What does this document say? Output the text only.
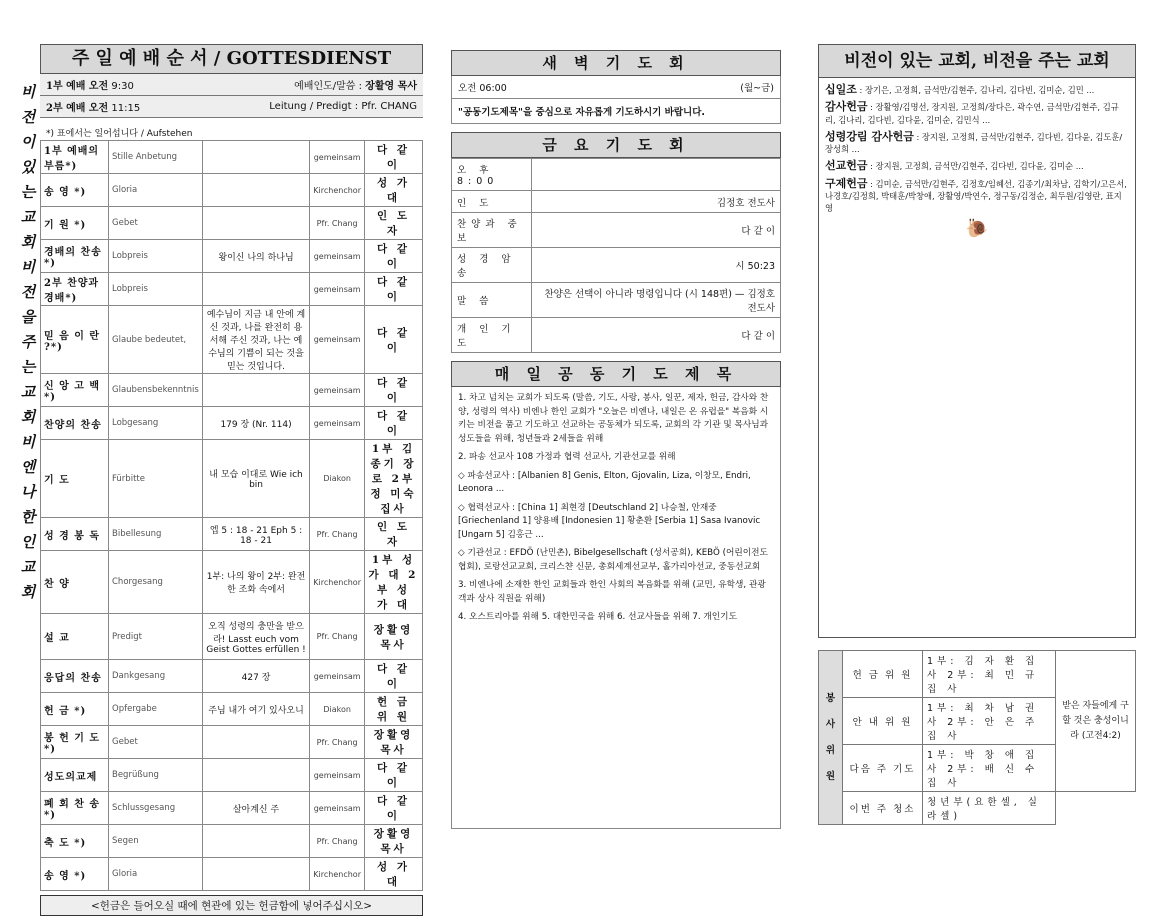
비
전
이
있
는
교
회
비
전
을
주
는
교
회
비
엔
나
한
인
교
회
주 일 예 배 순 서 / GOTTESDIENST
1부 예배 오전 9:30	예배인도/말씀 : 장활영 목사
2부 예배 오전 11:15	Leitung / Predigt : Pfr. CHANG
*) 표에서는 일어섭니다 / Aufstehen
1부 예배의부름*)	Stille Anbetung		gemeinsam	다 같 이
송 영 *)	Gloria		Kirchenchor	성 가 대
기 원 *)	Gebet		Pfr. Chang	인 도 자
경배의 찬송 *)	Lobpreis	왕이신 나의 하나님	gemeinsam	다 같 이
2부 찬양과경배*)	Lobpreis		gemeinsam	다 같 이
믿 음 이 란 ?*)	Glaube bedeutet,	예수님이 지금 내 안에 계신 것과, 나를 완전히 용서해 주신 것과, 나는 예수님의 기쁨이 되는 것을 믿는 것입니다.	gemeinsam	다 같 이
신 앙 고 백 *)	Glaubensbekenntnis		gemeinsam	다 같 이
찬양의 찬송	Lobgesang	179 장 (Nr. 114)	gemeinsam	다 같 이
기 도	Fürbitte	내 모습 이대로 Wie ich bin	Diakon	1부 김 종기 장로 2부 정 미숙 집사
성 경 봉 독	Bibellesung	엡 5 : 18 - 21 Eph 5 : 18 - 21	Pfr. Chang	인 도 자
찬 양	Chorgesang	1부: 나의 왕이 2부: 완전한 조화 속에서	Kirchenchor	1부 성 가 대 2부 성 가 대
설 교	Predigt	오직 성령의 충만을 받으라! Lasst euch vom Geist Gottes erfüllen !	Pfr. Chang	장활영목사
응답의 찬송	Dankgesang	427 장	gemeinsam	다 같 이
헌 금 *)	Opfergabe	주님 내가 여기 있사오니	Diakon	헌 금 위 원
봉 헌 기 도 *)	Gebet		Pfr. Chang	장활영목사
성도의교제	Begrüßung		gemeinsam	다 같 이
폐 회 찬 송 *)	Schlussgesang	살아계신 주	gemeinsam	다 같 이
축 도 *)	Segen		Pfr. Chang	장활영목사
송 영 *)	Gloria		Kirchenchor	성 가 대
<헌금은 들어오실 때에 현관에 있는 헌금함에 넣어주십시오>
새 벽 기 도 회
오전 06:00	(월~금)
"공동기도제목"을 중심으로 자유롭게 기도하시기 바랍니다.
금 요 기 도 회
오 후 8:00	
인 도	김정호 전도사
찬양과 중보	다 같 이
성 경 암 송	시 50:23
말 씀	찬양은 선택이 아니라 명령입니다 (시 148편) — 김정호 전도사
개 인 기 도	다 같 이
매 일 공 동 기 도 제 목

1. 차고 넘치는 교회가 되도록 (말씀, 기도, 사랑, 봉사, 일꾼, 제자, 헌금, 감사와 찬양, 성령의 역사) 비엔나 한인 교회가 "오늘은 비엔나, 내일은 온 유럽을" 복음화 시키는 비전을 품고 기도하고 선교하는 공동체가 되도록, 교회의 각 기관 및 목사님과 성도들을 위해, 청년들과 2세들을 위해

2. 파송 선교사 108 가정과 협력 선교사, 기관선교를 위해

◇ 파송선교사 : [Albanien 8] Genis, Elton, Gjovalin, Liza, 이창모, Endri, Leonora ...

◇ 협력선교사 : [China 1] 최현경 [Deutschland 2] 나승철, 안재중 [Griechenland 1] 양용배 [Indonesien 1] 황춘환 [Serbia 1] Sasa Ivanovic [Ungarn 5] 김홍근 ...

◇ 기관선교 : EFDÖ (난민촌), Bibelgesellschaft (성서공회), KEBÖ (어린이전도협회), 로랑선교교회, 크리스챤 신문, 총회세계선교부, 홀가리아선교, 중동선교회

3. 비엔나에 소재한 한인 교회들과 한인 사회의 복음화를 위해 (교민, 유학생, 관광객과 상사 직원을 위해)

4. 오스트리아를 위해 5. 대한민국을 위해 6. 선교사들을 위해 7. 개인기도

비전이 있는 교회, 비전을 주는 교회

십일조 : 장기은, 고정희, 금석만/김현주, 김나리, 김다빈, 김미순, 김민 ...

감사헌금 : 장활영/김명선, 장지원, 고정희/장다은, 곽수연, 금석만/김현주, 김규리, 김나리, 김다빈, 김다윤, 김미순, 김민식 ...

성령강림 감사헌금 : 장지원, 고정희, 금석만/김현주, 김다빈, 김다윤, 김도훈/장성희 ...

선교헌금 : 장지원, 고정희, 금석만/김현주, 김다빈, 김다윤, 김미순 ...

구제헌금 : 김미순, 금석만/김현주, 김정호/임혜선, 김종기/최차남, 김학기/고은서, 나경호/김정희, 박태훈/박창애, 장활영/박연수, 정구동/김정순, 최두원/김영란, 표지영

🐌
봉사위원	헌 금 위 원	1부: 김 자 환 집 사 2부: 최 민 규 집 사	받은 자들에게 구할 것은 충성이니라 (고전4:2)
	안 내 위 원	1부: 최 차 남 권 사 2부: 안 은 주 집 사	
	다음 주 기도	1부: 박 창 애 집 사 2부: 배 신 수 집 사	
	이번 주 청소	청년부(요한셀, 실라셀)	
